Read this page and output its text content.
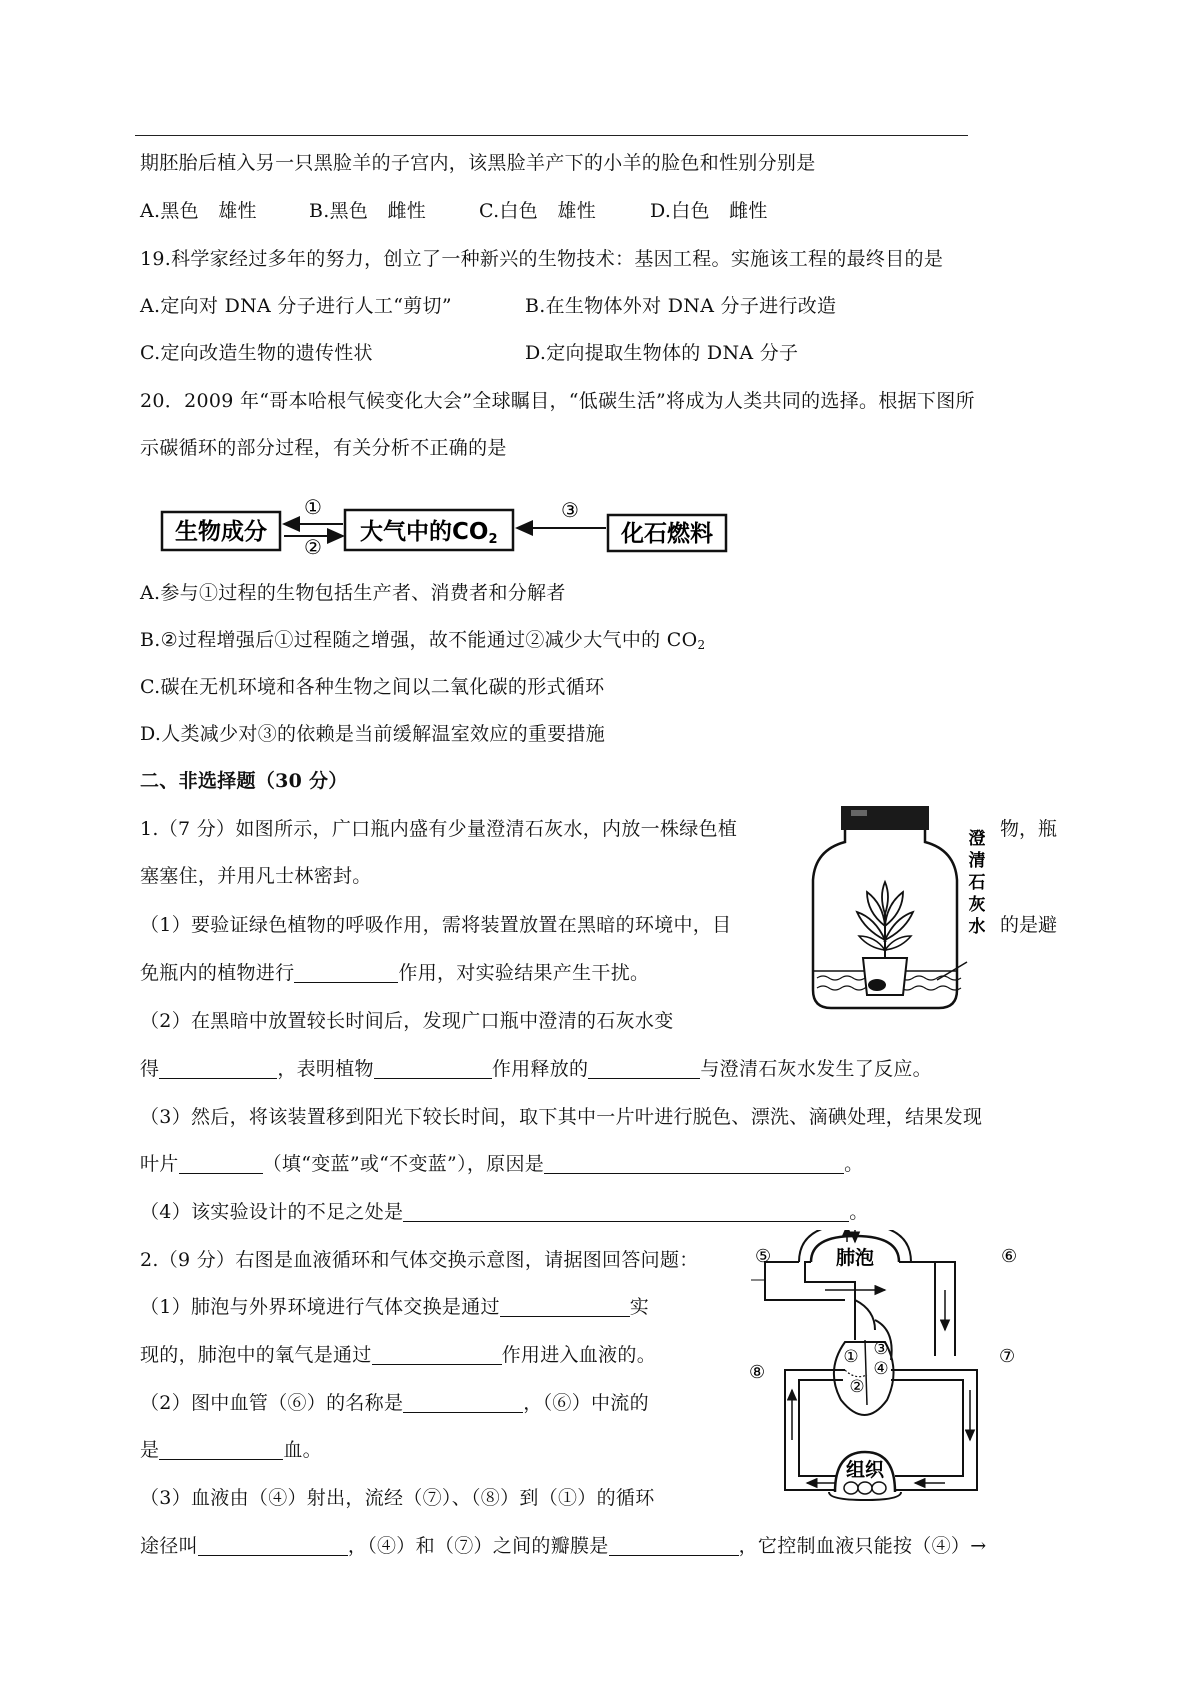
期胚胎后植入另一只黑脸羊的子宫内，该黑脸羊产下的小羊的脸色和性别分别是
A.黑色　雄性	B.黑色　雌性	C.白色　雄性	D.白色　雌性
19.科学家经过多年的努力，创立了一种新兴的生物技术：基因工程。实施该工程的最终目的是
A.定向对 DNA 分子进行人工“剪切”	B.在生物体外对 DNA 分子进行改造
C.定向改造生物的遗传性状	D.定向提取生物体的 DNA 分子
20．2009 年“哥本哈根气候变化大会”全球瞩目，“低碳生活”将成为人类共同的选择。根据下图所
示碳循环的部分过程，有关分析不正确的是
生物成分	大气中的CO2	化石燃料
①
②
③
A.参与①过程的生物包括生产者、消费者和分解者
B.②过程增强后①过程随之增强，故不能通过②减少大气中的 $CO_2$
C.碳在无机环境和各种生物之间以二氧化碳的形式循环
D.人类减少对③的依赖是当前缓解温室效应的重要措施
二、非选择题（30 分）
1.（7 分）如图所示，广口瓶内盛有少量澄清石灰水，内放一株绿色植	物，瓶
塞塞住，并用凡士林密封。
（1）要验证绿色植物的呼吸作用，需将装置放置在黑暗的环境中，目	的是避
免瓶内的植物进行	作用，对实验结果产生干扰。
（2）在黑暗中放置较长时间后，发现广口瓶中澄清的石灰水变
得	，表明植物	作用释放的	与澄清石灰水发生了反应。
（3）然后，将该装置移到阳光下较长时间，取下其中一片叶进行脱色、漂洗、滴碘处理，结果发现
叶片	（填“变蓝”或“不变蓝”），原因是	。
（4）该实验设计的不足之处是	。
澄
清
石
灰
水
2.（9 分）右图是血液循环和气体交换示意图，请据图回答问题：
（1）肺泡与外界环境进行气体交换是通过	实
现的，肺泡中的氧气是通过	作用进入血液的。
（2）图中血管（⑥）的名称是	，（⑥）中流的
是	血。
（3）血液由（④）射出，流经（⑦）、（⑧）到（①）的循环
途径叫	，（④）和（⑦）之间的瓣膜是	，它控制血液只能按（④）→
肺泡
①
②
③
④
组织
⑤	⑥
⑧
⑦
